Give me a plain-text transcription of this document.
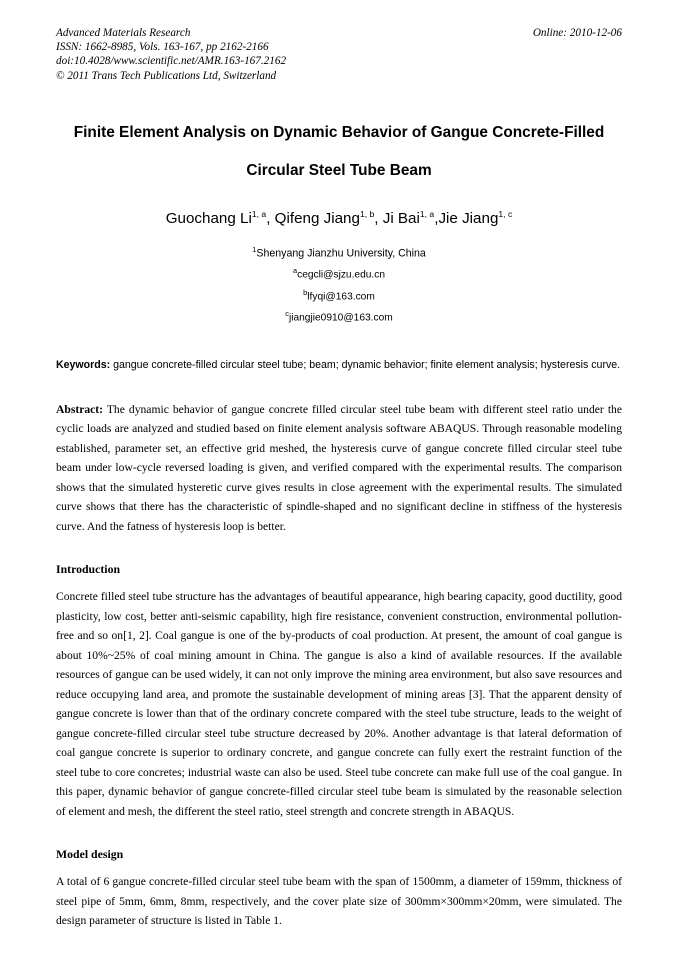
Online: 2010-12-06
Advanced Materials Research
ISSN: 1662-8985, Vols. 163-167, pp 2162-2166
doi:10.4028/www.scientific.net/AMR.163-167.2162
© 2011 Trans Tech Publications Ltd, Switzerland
Finite Element Analysis on Dynamic Behavior of Gangue Concrete-Filled
Circular Steel Tube Beam
Guochang Li$^{1, a}$, Qifeng Jiang$^{1, b}$, Ji Bai$^{1, a}$,Jie Jiang$^{1, c}$
$^1$Shenyang Jianzhu University, China
$^a$cegcli@sjzu.edu.cn
$^b$lfyqi@163.com
$^c$jiangjie0910@163.com
Keywords: gangue concrete-filled circular steel tube; beam; dynamic behavior; finite element analysis; hysteresis curve.
Abstract: The dynamic behavior of gangue concrete filled circular steel tube beam with different steel ratio under the cyclic loads are analyzed and studied based on finite element analysis software ABAQUS. Through reasonable modeling established, parameter set, an effective grid meshed, the hysteresis curve of gangue concrete filled circular steel tube beam under low-cycle reversed loading is given, and verified compared with the experimental results. The comparison shows that the simulated hysteretic curve gives results in close agreement with the experimental results. The simulated curve shows that there has the characteristic of spindle-shaped and no significant decline in stiffness of the hysteresis curve. And the fatness of hysteresis loop is better.
Introduction
Concrete filled steel tube structure has the advantages of beautiful appearance, high bearing capacity, good ductility, good plasticity, low cost, better anti-seismic capability, high fire resistance, convenient construction, environmental pollution-free and so on[1, 2]. Coal gangue is one of the by-products of coal production. At present, the amount of coal gangue is about 10%~25% of coal mining amount in China. The gangue is also a kind of available resources. If the available resources of gangue can be used widely, it can not only improve the mining area environment, but also save resources and reduce occupying land area, and promote the sustainable development of mining areas [3]. That the apparent density of gangue concrete is lower than that of the ordinary concrete compared with the steel tube structure, leads to the weight of gangue concrete-filled circular steel tube structure decreased by 20%. Another advantage is that lateral deformation of coal gangue concrete is superior to ordinary concrete, and gangue concrete can fully exert the restraint function of the steel tube to core concretes; industrial waste can also be used. Steel tube concrete can make full use of the coal gangue. In this paper, dynamic behavior of gangue concrete-filled circular steel tube beam is simulated by the reasonable selection of element and mesh, the different the steel ratio, steel strength and concrete strength in ABAQUS.
Model design
A total of 6 gangue concrete-filled circular steel tube beam with the span of 1500mm, a diameter of 159mm, thickness of steel pipe of 5mm, 6mm, 8mm, respectively, and the cover plate size of 300mm×300mm×20mm, were simulated. The design parameter of structure is listed in Table 1.
